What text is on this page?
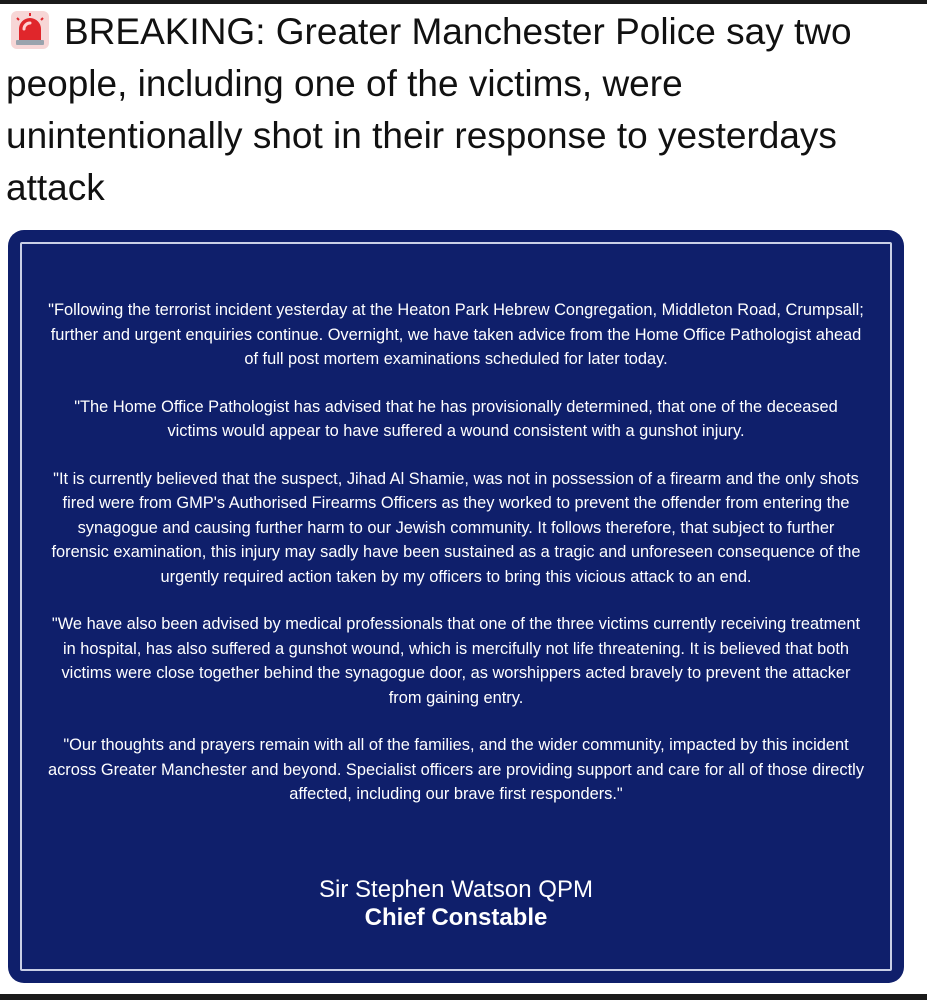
BREAKING: Greater Manchester Police say two people, including one of the victims, were unintentionally shot in their response to yesterdays attack

"Following the terrorist incident yesterday at the Heaton Park Hebrew Congregation, Middleton Road, Crumpsall; further and urgent enquiries continue. Overnight, we have taken advice from the Home Office Pathologist ahead of full post mortem examinations scheduled for later today.

"The Home Office Pathologist has advised that he has provisionally determined, that one of the deceased victims would appear to have suffered a wound consistent with a gunshot injury.

"It is currently believed that the suspect, Jihad Al Shamie, was not in possession of a firearm and the only shots fired were from GMP's Authorised Firearms Officers as they worked to prevent the offender from entering the synagogue and causing further harm to our Jewish community. It follows therefore, that subject to further forensic examination, this injury may sadly have been sustained as a tragic and unforeseen consequence of the urgently required action taken by my officers to bring this vicious attack to an end.

"We have also been advised by medical professionals that one of the three victims currently receiving treatment in hospital, has also suffered a gunshot wound, which is mercifully not life threatening. It is believed that both victims were close together behind the synagogue door, as worshippers acted bravely to prevent the attacker from gaining entry.

"Our thoughts and prayers remain with all of the families, and the wider community, impacted by this incident across Greater Manchester and beyond. Specialist officers are providing support and care for all of those directly affected, including our brave first responders."

Sir Stephen Watson QPM
Chief Constable
